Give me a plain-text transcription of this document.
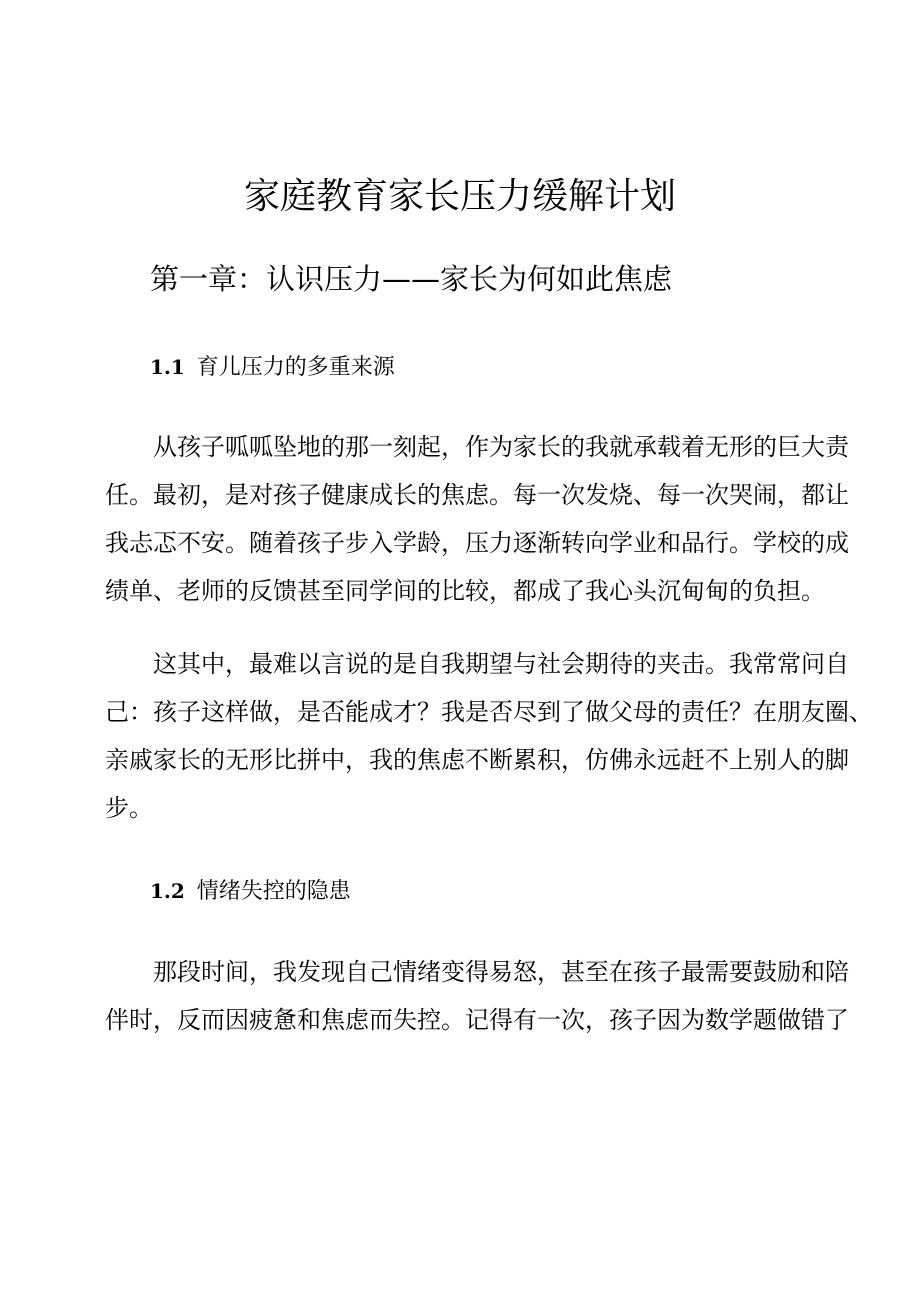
家庭教育家长压力缓解计划
第一章：认识压力——家长为何如此焦虑
1.1 育儿压力的多重来源

从孩子呱呱坠地的那一刻起，作为家长的我就承载着无形的巨大责
任。最初，是对孩子健康成长的焦虑。每一次发烧、每一次哭闹，都让
我忐忑不安。随着孩子步入学龄，压力逐渐转向学业和品行。学校的成
绩单、老师的反馈甚至同学间的比较，都成了我心头沉甸甸的负担。

这其中，最难以言说的是自我期望与社会期待的夹击。我常常问自
己：孩子这样做，是否能成才？我是否尽到了做父母的责任？在朋友圈、
亲戚家长的无形比拼中，我的焦虑不断累积，仿佛永远赶不上别人的脚
步。

1.2 情绪失控的隐患

那段时间，我发现自己情绪变得易怒，甚至在孩子最需要鼓励和陪
伴时，反而因疲惫和焦虑而失控。记得有一次，孩子因为数学题做错了
